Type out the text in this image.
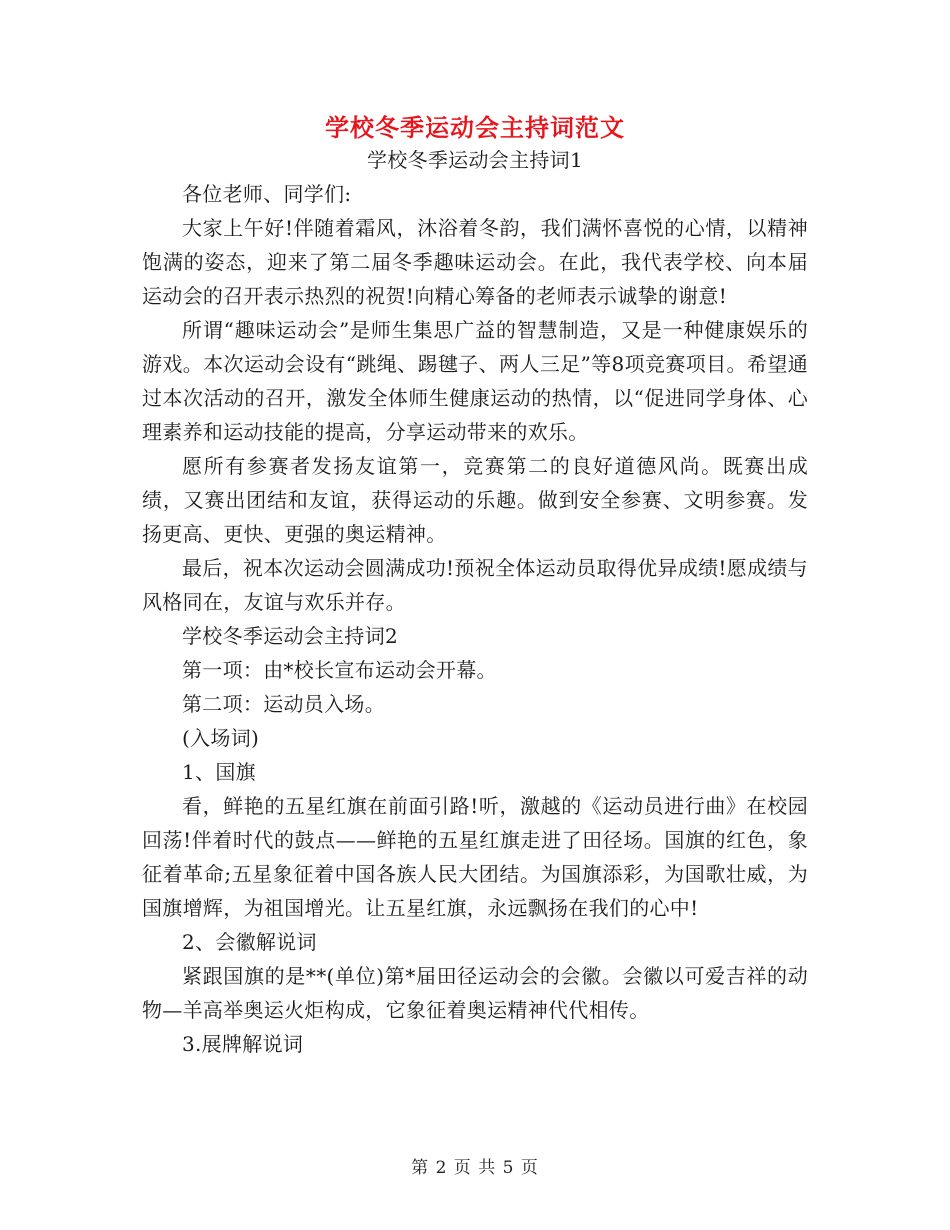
学校冬季运动会主持词范文

学校冬季运动会主持词1

各位老师、同学们:

大家上午好!伴随着霜风，沐浴着冬韵，我们满怀喜悦的心情，以精神饱满的姿态，迎来了第二届冬季趣味运动会。在此，我代表学校、向本届运动会的召开表示热烈的祝贺!向精心筹备的老师表示诚挚的谢意!

所谓“趣味运动会”是师生集思广益的智慧制造，又是一种健康娱乐的游戏。本次运动会设有“跳绳、踢毽子、两人三足”等8项竞赛项目。希望通过本次活动的召开，激发全体师生健康运动的热情，以“促进同学身体、心理素养和运动技能的提高，分享运动带来的欢乐。

愿所有参赛者发扬友谊第一，竞赛第二的良好道德风尚。既赛出成绩，又赛出团结和友谊，获得运动的乐趣。做到安全参赛、文明参赛。发扬更高、更快、更强的奥运精神。

最后，祝本次运动会圆满成功!预祝全体运动员取得优异成绩!愿成绩与风格同在，友谊与欢乐并存。

学校冬季运动会主持词2

第一项：由*校长宣布运动会开幕。

第二项：运动员入场。

(入场词)

1、国旗

看，鲜艳的五星红旗在前面引路!听，激越的《运动员进行曲》在校园回荡!伴着时代的鼓点——鲜艳的五星红旗走进了田径场。国旗的红色，象征着革命;五星象征着中国各族人民大团结。为国旗添彩，为国歌壮威，为国旗增辉，为祖国增光。让五星红旗，永远飘扬在我们的心中!

2、会徽解说词

紧跟国旗的是**(单位)第*届田径运动会的会徽。会徽以可爱吉祥的动物—羊高举奥运火炬构成，它象征着奥运精神代代相传。

3.展牌解说词

第 2 页 共 5 页
